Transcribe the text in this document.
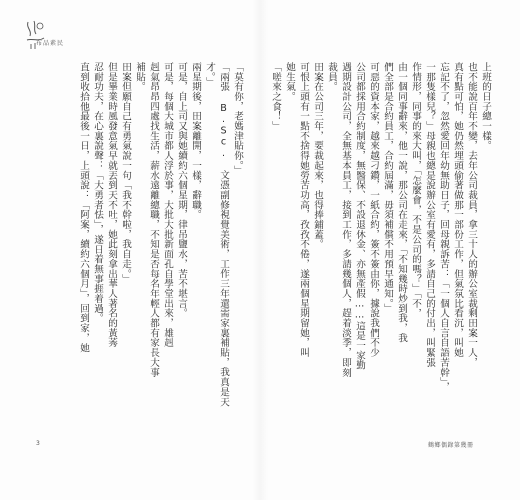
布品素民
上班的日子總一樣。
也不能說百年不變，去年公司裁員，拿三十人的辦公室裁剩田案一人，
真有點可怕，她仍然埋頭偷著做那一部份工作，但氣氛比看沉，叫她
忘記不了，忽然愛回年幼無助日子，回母親訴苦：「一個人自言自語苦幹」，
一那隻樣兒？」母親也總是說辦公室有愛有，多請自己的付出，叫緊張
作情形，同事的來大叫，「怎麼會，不是公司的嗎？」「不，
由一個同事辭來，他一說，那公司在走來，「不知幾時炒到我，我
們全部是合約員工，合約屆滿，毋須補償不用預早通知。」
可惡的資本家，越來越刁鑽，一紙合約，簽不簽由你，據說我們不少
公司都採用合約制度，無醫保、不設退休金、亦無產假……這是一家勤
遇期設計公司，全無基本員工，接到工作，多請幾個人，趕着淡季，即刻
裁員。
田案在公司三年，要裁起來，也得捧鋪蓋。
可恨上頭有一點不捨得她勞苦功高，孜孜不倦，遂兩個星期留她，叫
她生氣。
「嗟來之食！」
「莫有你，老媽津貼你。」
「兩張 B.Sc. 文憑副修視覺美術，工作三年還需家裏補貼，我真是天
才。」
兩星期後，田案離開，一樣，辭職。
可是，自上司又與她續約六個星期，律吊鹽水，苦不堪言。
可是，每個大城市都人浮於事，大批大批新面孔自學堂出來，雄赳
赳氣昂昂四處找生活，薪水遠離總職，不知是否每名年輕人都有家長大事
補貼。
田案但願自己有勇氣說一句「我不幹啦，我自走。」
但是畢業時風發意氣早就丟到天不吐，她此刻拿出華人著名的黃莠
忍耐功夫，在心裏說聲：「大勇者怯」，遂日着無事捱着過。
直到收拾他最後一日，上頭說：「阿案，續約六個月」，回到家，她
3	鶴鄉偶錄第幾冊
